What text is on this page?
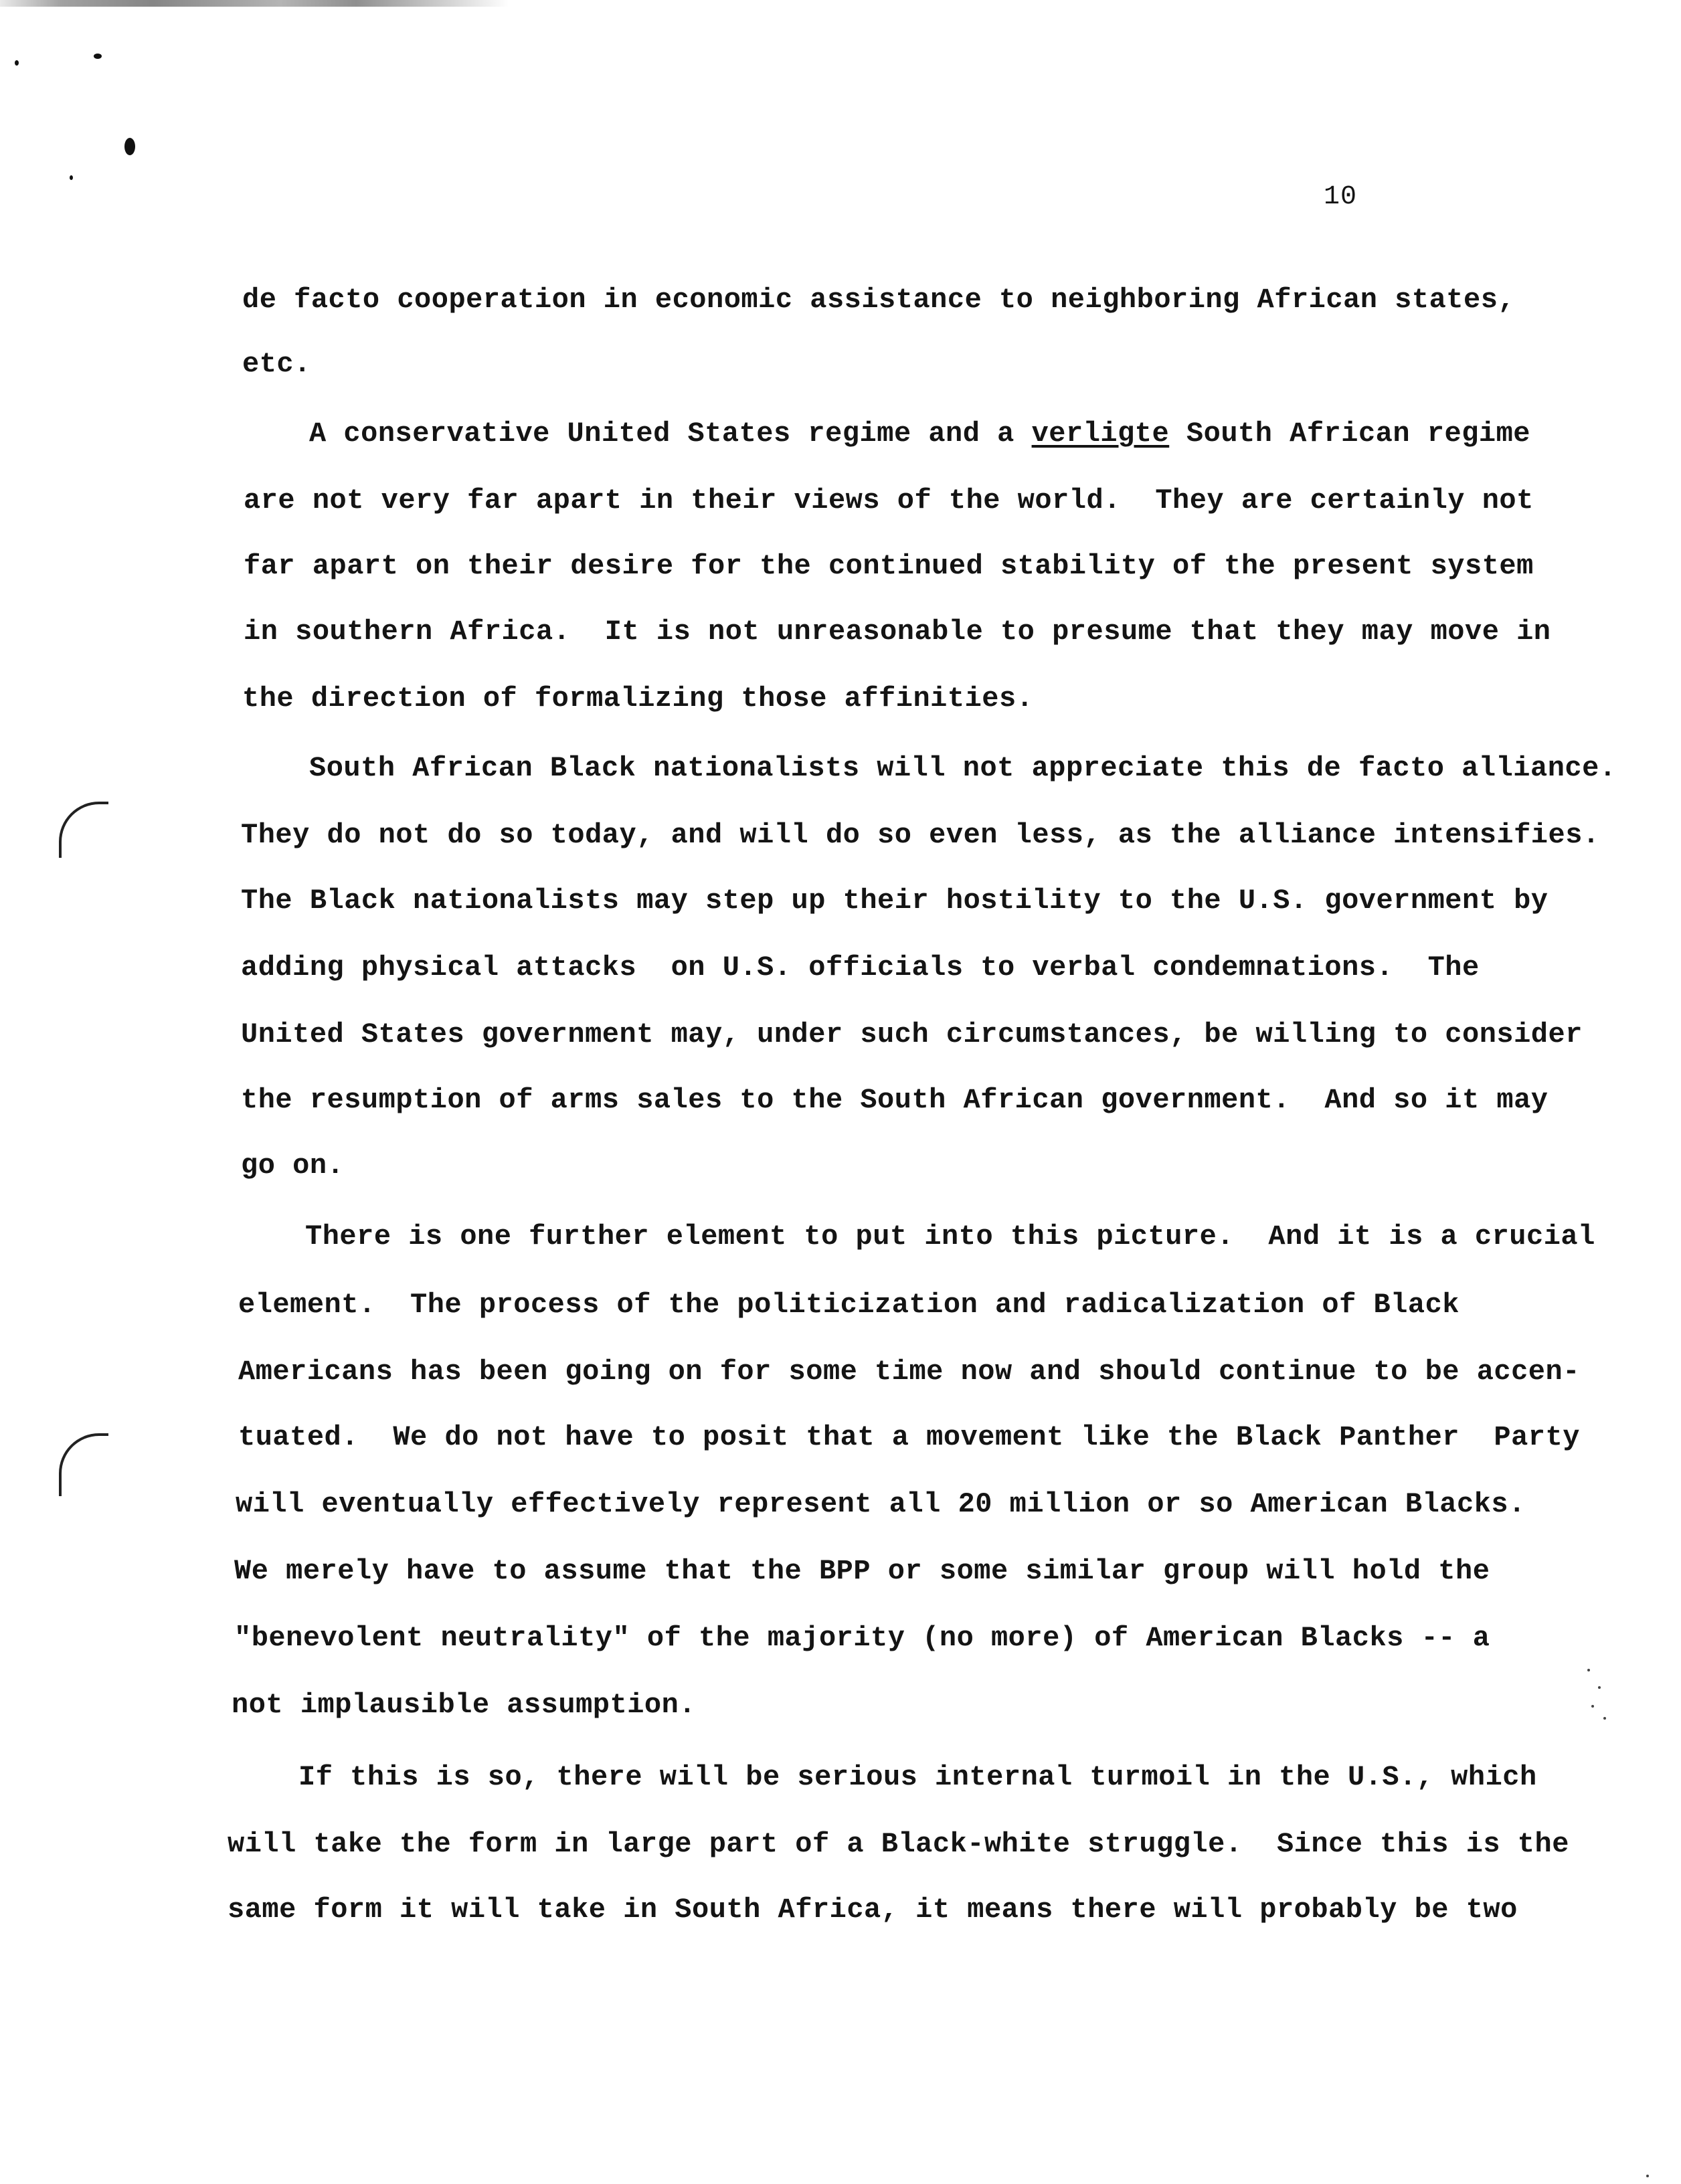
10
de facto cooperation in economic assistance to neighboring African states,
etc.
A conservative United States regime and a verligte South African regime
are not very far apart in their views of the world.  They are certainly not
far apart on their desire for the continued stability of the present system
in southern Africa.  It is not unreasonable to presume that they may move in
the direction of formalizing those affinities.
South African Black nationalists will not appreciate this de facto alliance.
They do not do so today, and will do so even less, as the alliance intensifies.
The Black nationalists may step up their hostility to the U.S. government by
adding physical attacks  on U.S. officials to verbal condemnations.  The
United States government may, under such circumstances, be willing to consider
the resumption of arms sales to the South African government.  And so it may
go on.
There is one further element to put into this picture.  And it is a crucial
element.  The process of the politicization and radicalization of Black
Americans has been going on for some time now and should continue to be accen-
tuated.  We do not have to posit that a movement like the Black Panther  Party
will eventually effectively represent all 20 million or so American Blacks.
We merely have to assume that the BPP or some similar group will hold the
"benevolent neutrality" of the majority (no more) of American Blacks -- a
not implausible assumption.
If this is so, there will be serious internal turmoil in the U.S., which
will take the form in large part of a Black-white struggle.  Since this is the
same form it will take in South Africa, it means there will probably be two
